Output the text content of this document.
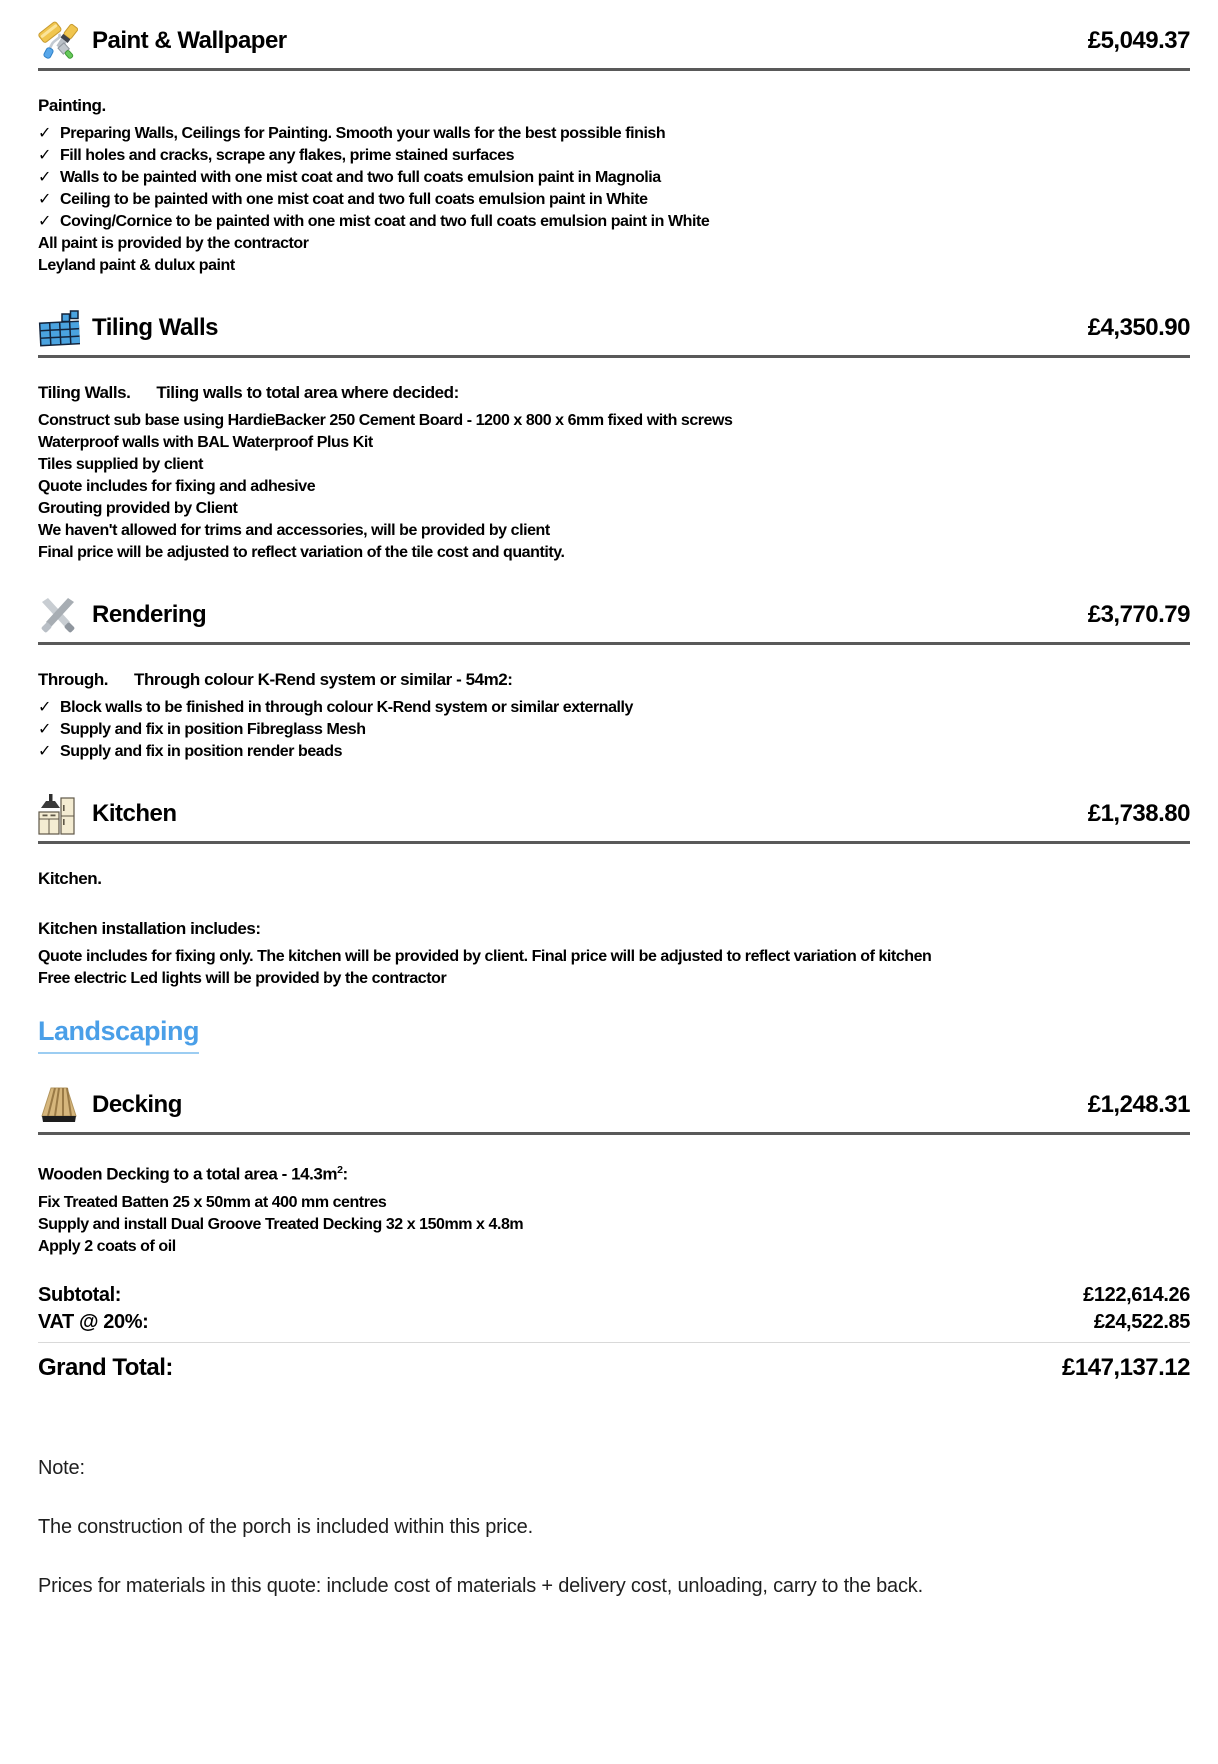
Paint & Wallpaper	£5,049.37
Painting.
✓ Preparing Walls, Ceilings for Painting. Smooth your walls for the best possible finish
✓ Fill holes and cracks, scrape any flakes, prime stained surfaces
✓ Walls to be painted with one mist coat and two full coats emulsion paint in Magnolia
✓ Ceiling to be painted with one mist coat and two full coats emulsion paint in White
✓ Coving/Cornice to be painted with one mist coat and two full coats emulsion paint in White
All paint is provided by the contractor
Leyland paint & dulux paint
Tiling Walls	£4,350.90
Tiling Walls. Tiling walls to total area where decided:
Construct sub base using HardieBacker 250 Cement Board - 1200 x 800 x 6mm fixed with screws
Waterproof walls with BAL Waterproof Plus Kit
Tiles supplied by client
Quote includes for fixing and adhesive
Grouting provided by Client
We haven't allowed for trims and accessories, will be provided by client
Final price will be adjusted to reflect variation of the tile cost and quantity.
Rendering	£3,770.79
Through. Through colour K-Rend system or similar - 54m2:
✓ Block walls to be finished in through colour K-Rend system or similar externally
✓ Supply and fix in position Fibreglass Mesh
✓ Supply and fix in position render beads
Kitchen	£1,738.80
Kitchen.
Kitchen installation includes:
Quote includes for fixing only. The kitchen will be provided by client. Final price will be adjusted to reflect variation of kitchen
Free electric Led lights will be provided by the contractor
Landscaping
Decking	£1,248.31
Wooden Decking to a total area - $14.3m^2$:
Fix Treated Batten 25 x 50mm at 400 mm centres
Supply and install Dual Groove Treated Decking 32 x 150mm x 4.8m
Apply 2 coats of oil
Subtotal:	£122,614.26
VAT @ 20%:	£24,522.85
Grand Total:	£147,137.12

Note:

The construction of the porch is included within this price.

Prices for materials in this quote: include cost of materials + delivery cost, unloading, carry to the back.
